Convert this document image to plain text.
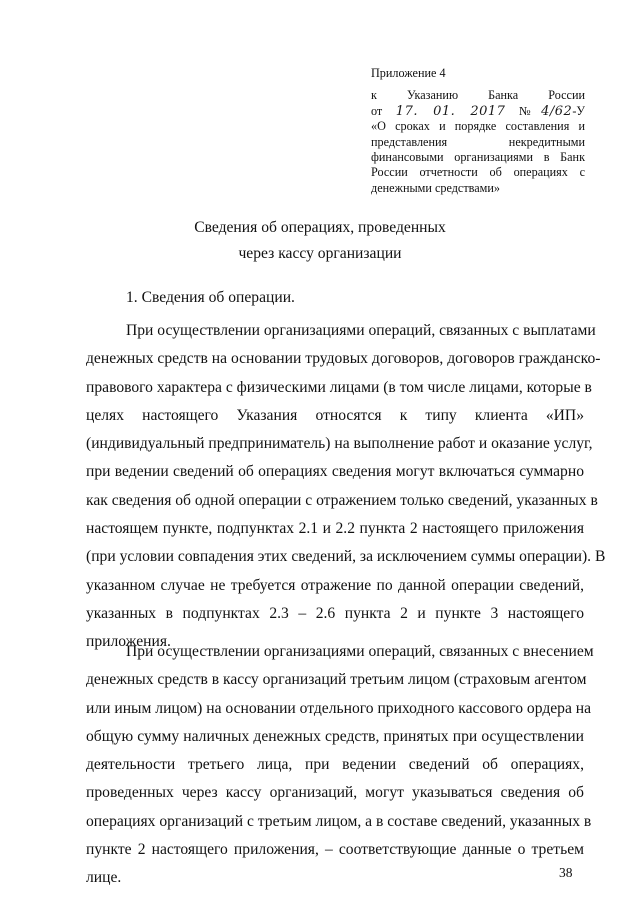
Приложение 4
к Указанию Банка России
от 17. 01. 2017 №4/62-У
«О сроках и порядке составления и
представления некредитными
финансовыми организациями в Банк
России отчетности об операциях с
денежными средствами»
Сведения об операциях, проведенных
через кассу организации
1. Сведения об операции.
При осуществлении организациями операций, связанных с выплатами
денежных средств на основании трудовых договоров, договоров гражданско-
правового характера с физическими лицами (в том числе лицами, которые в
целях настоящего Указания относятся к типу клиента «ИП»
(индивидуальный предприниматель) на выполнение работ и оказание услуг,
при ведении сведений об операциях сведения могут включаться суммарно
как сведения об одной операции с отражением только сведений, указанных в
настоящем пункте, подпунктах 2.1 и 2.2 пункта 2 настоящего приложения
(при условии совпадения этих сведений, за исключением суммы операции). В
указанном случае не требуется отражение по данной операции сведений,
указанных в подпунктах 2.3 – 2.6 пункта 2 и пункте 3 настоящего
приложения.
При осуществлении организациями операций, связанных с внесением
денежных средств в кассу организаций третьим лицом (страховым агентом
или иным лицом) на основании отдельного приходного кассового ордера на
общую сумму наличных денежных средств, принятых при осуществлении
деятельности третьего лица, при ведении сведений об операциях,
проведенных через кассу организаций, могут указываться сведения об
операциях организаций с третьим лицом, а в составе сведений, указанных в
пункте 2 настоящего приложения, – соответствующие данные о третьем
лице.	38
